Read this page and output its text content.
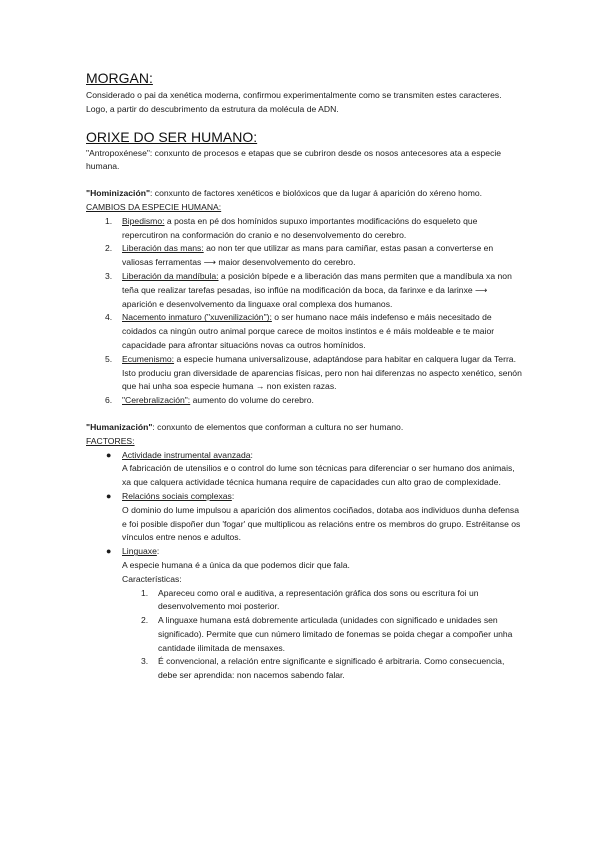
MORGAN:

Considerado o pai da xenética moderna, confirmou experimentalmente como se transmiten estes caracteres. Logo, a partir do descubrimento da estrutura da molécula de ADN.

ORIXE DO SER HUMANO:

"Antropoxénese": conxunto de procesos e etapas que se cubriron desde os nosos antecesores ata a especie humana.

"Hominización": conxunto de factores xenéticos e biolóxicos que da lugar á aparición do xéreno homo.

CAMBIOS DA ESPECIE HUMANA:

1. Bipedismo: a posta en pé dos homínidos supuxo importantes modificacións do esqueleto que repercutiron na conformación do cranio e no desenvolvemento do cerebro.
2. Liberación das mans: ao non ter que utilizar as mans para camiñar, estas pasan a converterse en valiosas ferramentas ⟶ maior desenvolvemento do cerebro.
3. Liberación da mandíbula: a posición bípede e a liberación das mans permiten que a mandíbula xa non teña que realizar tarefas pesadas, iso inflúe na modificación da boca, da farinxe e da larinxe ⟶ aparición e desenvolvemento da linguaxe oral complexa dos humanos.
4. Nacemento inmaturo ("xuvenilización"): o ser humano nace máis indefenso e máis necesitado de coidados ca ningún outro animal porque carece de moitos instintos e é máis moldeable e te maior capacidade para afrontar situacións novas ca outros homínidos.
5. Ecumenismo: a especie humana universalizouse, adaptándose para habitar en calquera lugar da Terra. Isto produciu gran diversidade de aparencias físicas, pero non hai diferenzas no aspecto xenético, senón que hai unha soa especie humana → non existen razas.
6. "Cerebralización": aumento do volume do cerebro.

"Humanización": conxunto de elementos que conforman a cultura no ser humano.

FACTORES:

● Actividade instrumental avanzada:
A fabricación de utensilios e o control do lume son técnicas para diferenciar o ser humano dos animais, xa que calquera actividade técnica humana require de capacidades cun alto grao de complexidade.
● Relacións sociais complexas:
O dominio do lume impulsou a aparición dos alimentos cociñados, dotaba aos individuos dunha defensa e foi posible dispoñer dun 'fogar' que multiplicou as relacións entre os membros do grupo. Estréitanse os vínculos entre nenos e adultos.
● Linguaxe:
A especie humana é a única da que podemos dicir que fala.
Características:
1. Apareceu como oral e auditiva, a representación gráfica dos sons ou escritura foi un desenvolvemento moi posterior.
2. A linguaxe humana está dobremente articulada (unidades con significado e unidades sen significado). Permite que cun número limitado de fonemas se poida chegar a compoñer unha cantidade ilimitada de mensaxes.
3. É convencional, a relación entre significante e significado é arbitraria. Como consecuencia, debe ser aprendida: non nacemos sabendo falar.
